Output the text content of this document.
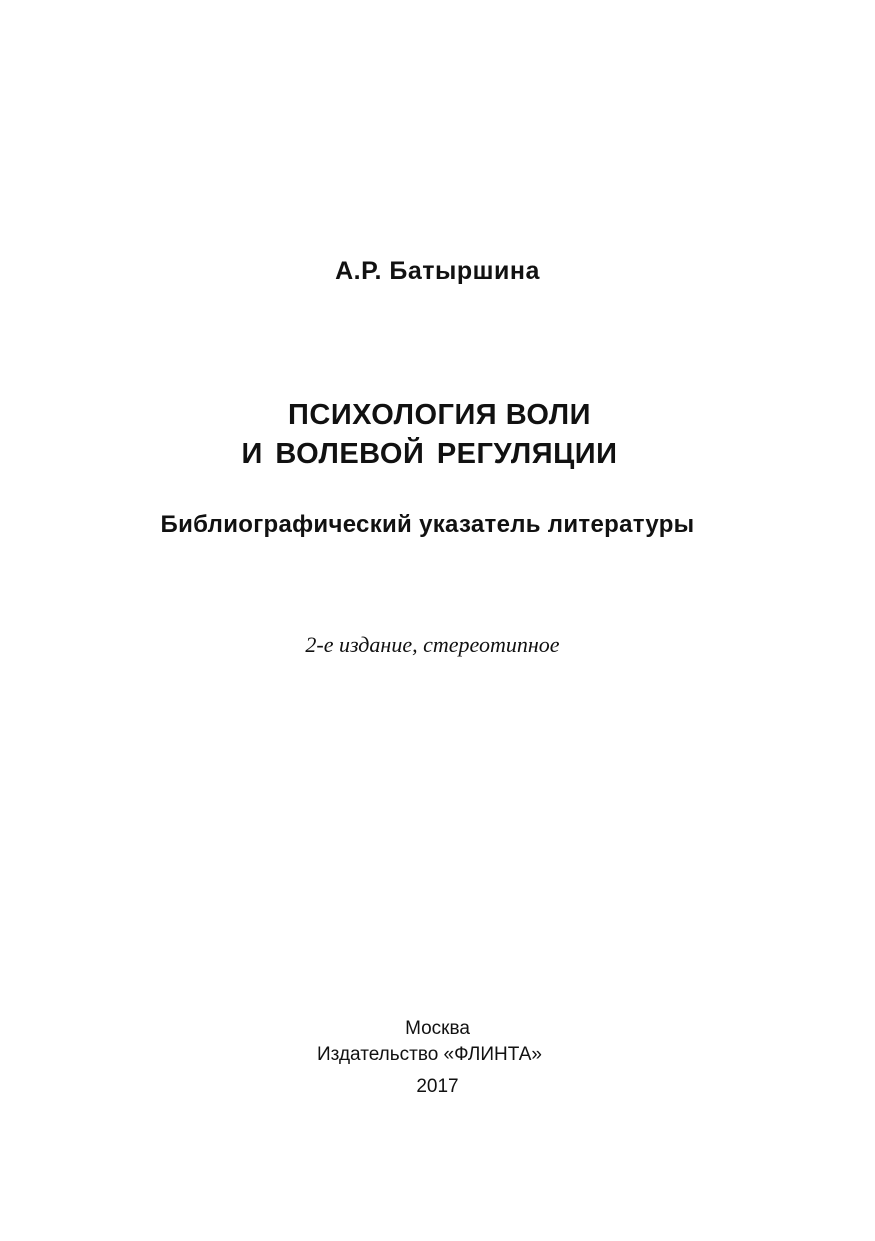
А.Р. Батыршина
ПСИХОЛОГИЯ ВОЛИ
И ВОЛЕВОЙ РЕГУЛЯЦИИ
Библиографический указатель литературы
2-е издание, стереотипное
Москва
Издательство «ФЛИНТА»
2017
